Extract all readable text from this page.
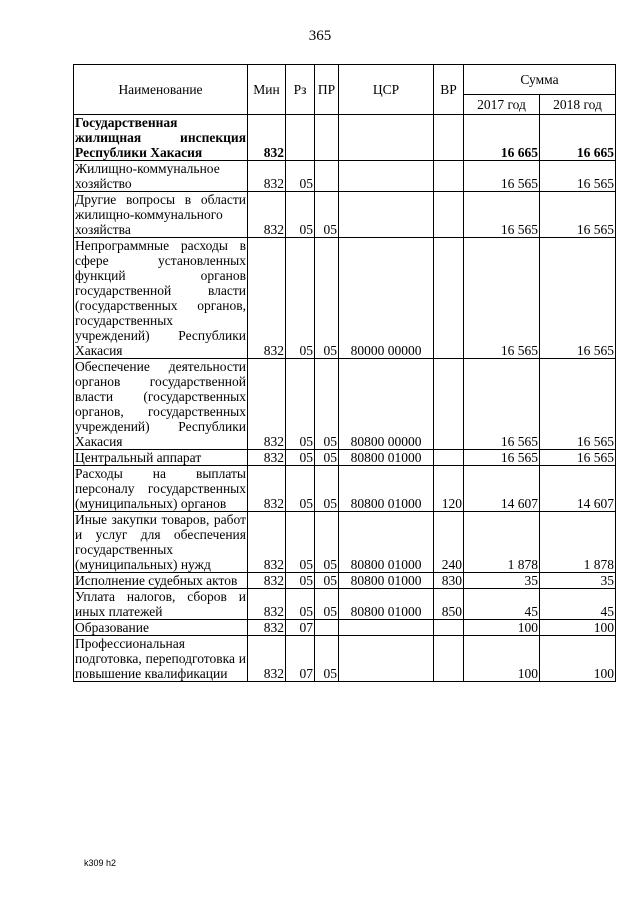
365
Наименование	Мин	Рз	ПР	ЦСР	ВР	Сумма	
						2017 год	2018 год
Государственная жилищная инспекция Республики Хакасия	832					16 665	16 665
Жилищно-коммунальное хозяйство	832	05				16 565	16 565
Другие вопросы в области жилищно-коммунального хозяйства	832	05	05			16 565	16 565
Непрограммные расходы в сфере установленных функций органов государственной власти (государственных органов, государственных учреждений) Республики Хакасия	832	05	05	80000 00000		16 565	16 565
Обеспечение деятельности органов государственной власти (государственных органов, государственных учреждений) Республики Хакасия	832	05	05	80800 00000		16 565	16 565
Центральный аппарат	832	05	05	80800 01000		16 565	16 565
Расходы на выплаты персоналу государственных (муниципальных) органов	832	05	05	80800 01000	120	14 607	14 607
Иные закупки товаров, работ и услуг для обеспечения государственных (муниципальных) нужд	832	05	05	80800 01000	240	1 878	1 878
Исполнение судебных актов	832	05	05	80800 01000	830	35	35
Уплата налогов, сборов и иных платежей	832	05	05	80800 01000	850	45	45
Образование	832	07				100	100
Профессиональная подготовка, переподготовка и повышение квалификации	832	07	05			100	100
k309 h2
